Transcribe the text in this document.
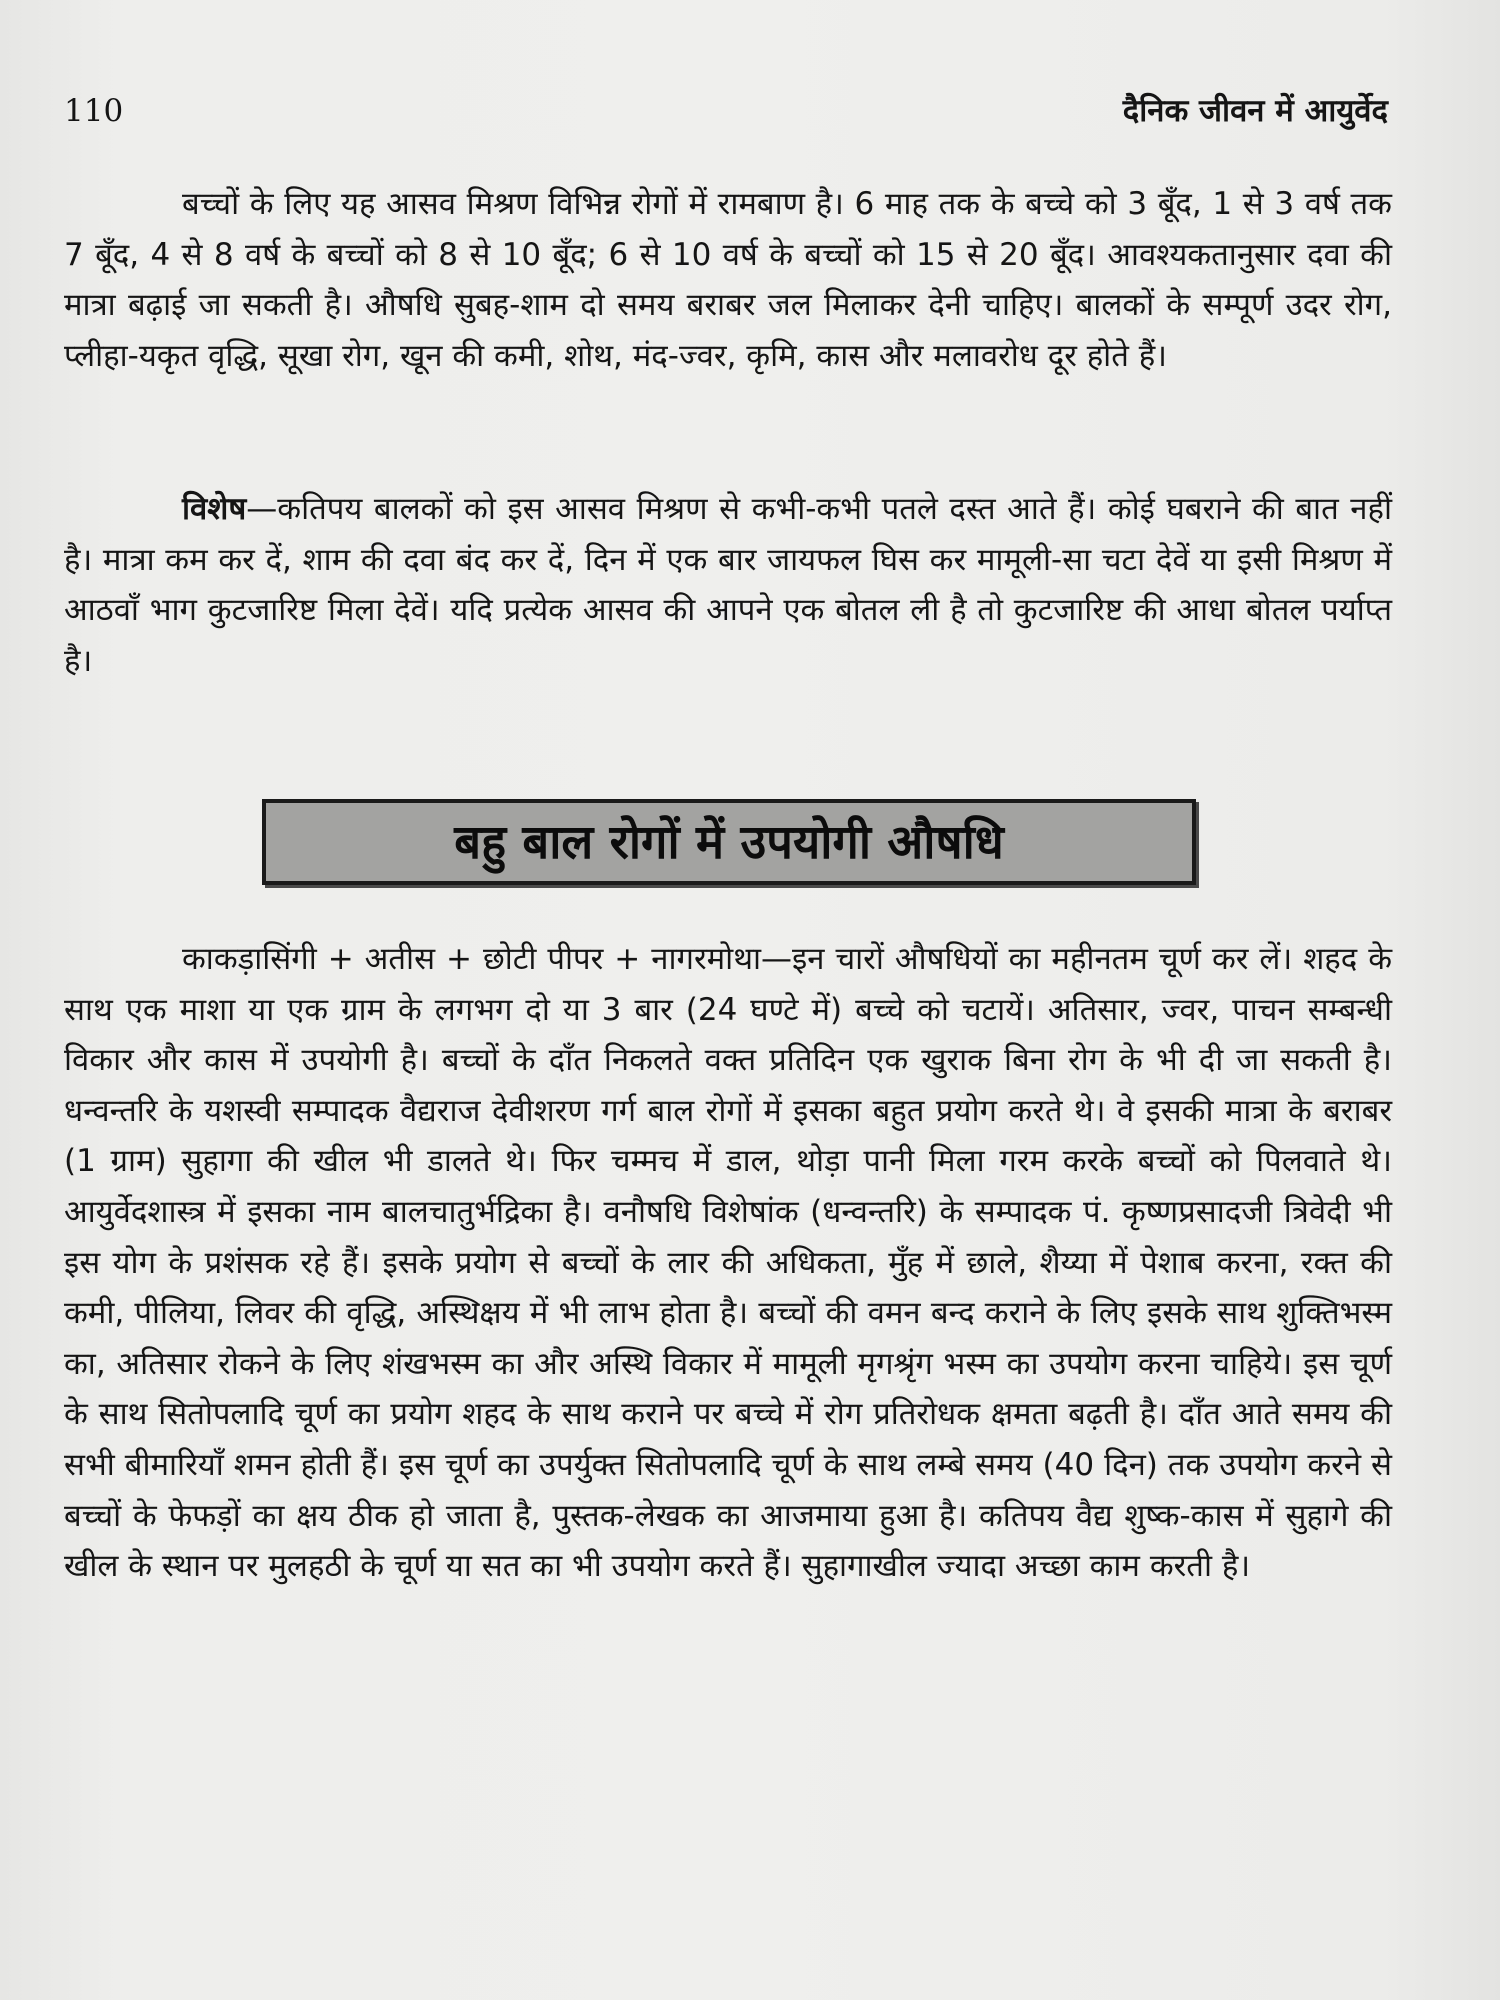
110	दैनिक जीवन में आयुर्वेद

बच्चों के लिए यह आसव मिश्रण विभिन्न रोगों में रामबाण है। 6 माह तक के बच्चे को 3 बूँद, 1 से 3 वर्ष तक 7 बूँद, 4 से 8 वर्ष के बच्चों को 8 से 10 बूँद; 6 से 10 वर्ष के बच्चों को 15 से 20 बूँद। आवश्यकतानुसार दवा की मात्रा बढ़ाई जा सकती है। औषधि सुबह-शाम दो समय बराबर जल मिलाकर देनी चाहिए। बालकों के सम्पूर्ण उदर रोग, प्लीहा-यकृत वृद्धि, सूखा रोग, खून की कमी, शोथ, मंद-ज्वर, कृमि, कास और मलावरोध दूर होते हैं।

विशेष—कतिपय बालकों को इस आसव मिश्रण से कभी-कभी पतले दस्त आते हैं। कोई घबराने की बात नहीं है। मात्रा कम कर दें, शाम की दवा बंद कर दें, दिन में एक बार जायफल घिस कर मामूली-सा चटा देवें या इसी मिश्रण में आठवाँ भाग कुटजारिष्ट मिला देवें। यदि प्रत्येक आसव की आपने एक बोतल ली है तो कुटजारिष्ट की आधा बोतल पर्याप्त है।

बहु बाल रोगों में उपयोगी औषधि

काकड़ासिंगी + अतीस + छोटी पीपर + नागरमोथा—इन चारों औषधियों का महीनतम चूर्ण कर लें। शहद के साथ एक माशा या एक ग्राम के लगभग दो या 3 बार (24 घण्टे में) बच्चे को चटायें। अतिसार, ज्वर, पाचन सम्बन्धी विकार और कास में उपयोगी है। बच्चों के दाँत निकलते वक्त प्रतिदिन एक खुराक बिना रोग के भी दी जा सकती है। धन्वन्तरि के यशस्वी सम्पादक वैद्यराज देवीशरण गर्ग बाल रोगों में इसका बहुत प्रयोग करते थे। वे इसकी मात्रा के बराबर (1 ग्राम) सुहागा की खील भी डालते थे। फिर चम्मच में डाल, थोड़ा पानी मिला गरम करके बच्चों को पिलवाते थे। आयुर्वेदशास्त्र में इसका नाम बालचातुर्भद्रिका है। वनौषधि विशेषांक (धन्वन्तरि) के सम्पादक पं. कृष्णप्रसादजी त्रिवेदी भी इस योग के प्रशंसक रहे हैं। इसके प्रयोग से बच्चों के लार की अधिकता, मुँह में छाले, शैय्या में पेशाब करना, रक्त की कमी, पीलिया, लिवर की वृद्धि, अस्थिक्षय में भी लाभ होता है। बच्चों की वमन बन्द कराने के लिए इसके साथ शुक्तिभस्म का, अतिसार रोकने के लिए शंखभस्म का और अस्थि विकार में मामूली मृगश्रृंग भस्म का उपयोग करना चाहिये। इस चूर्ण के साथ सितोपलादि चूर्ण का प्रयोग शहद के साथ कराने पर बच्चे में रोग प्रतिरोधक क्षमता बढ़ती है। दाँत आते समय की सभी बीमारियाँ शमन होती हैं। इस चूर्ण का उपर्युक्त सितोपलादि चूर्ण के साथ लम्बे समय (40 दिन) तक उपयोग करने से बच्चों के फेफड़ों का क्षय ठीक हो जाता है, पुस्तक-लेखक का आजमाया हुआ है। कतिपय वैद्य शुष्क-कास में सुहागे की खील के स्थान पर मुलहठी के चूर्ण या सत का भी उपयोग करते हैं। सुहागाखील ज्यादा अच्छा काम करती है।
